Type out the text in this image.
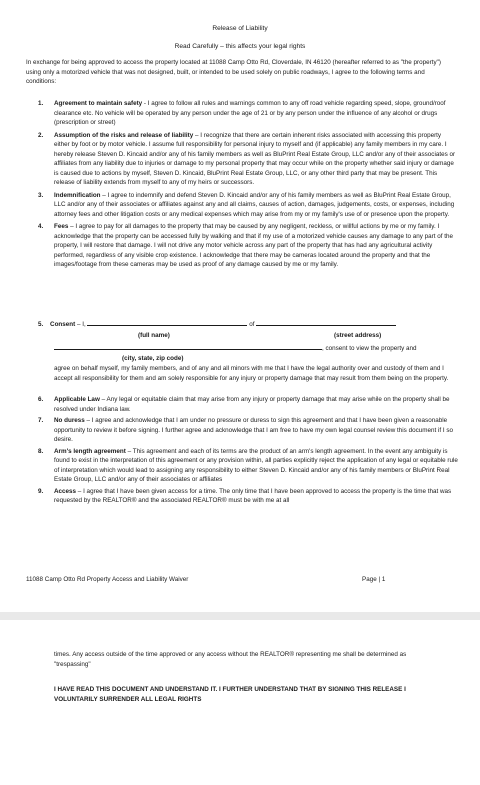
Release of Liability
Read Carefully – this affects your legal rights

In exchange for being approved to access the property located at 11088 Camp Otto Rd, Cloverdale, IN 46120 (hereafter referred to as "the property") using only a motorized vehicle that was not designed, built, or intended to be used solely on public roadways, I agree to the following terms and conditions:

1. Agreement to maintain safety - I agree to follow all rules and warnings common to any off road vehicle regarding speed, slope, ground/roof clearance etc. No vehicle will be operated by any person under the age of 21 or by any person under the influence of any alcohol or drugs (prescription or street)
2. Assumption of the risks and release of liability – I recognize that there are certain inherent risks associated with accessing this property either by foot or by motor vehicle. I assume full responsibility for personal injury to myself and (if applicable) any family members in my care. I hereby release Steven D. Kincaid and/or any of his family members as well as BluPrint Real Estate Group, LLC and/or any of their associates or affiliates from any liability due to injuries or damage to my personal property that may occur while on the property whether said injury or damage is caused due to actions by myself, Steven D. Kincaid, BluPrint Real Estate Group, LLC, or any other third party that may be present. This release of liability extends from myself to any of my heirs or successors.
3. Indemnification – I agree to indemnify and defend Steven D. Kincaid and/or any of his family members as well as BluPrint Real Estate Group, LLC and/or any of their associates or affiliates against any and all claims, causes of action, damages, judgements, costs, or expenses, including attorney fees and other litigation costs or any medical expenses which may arise from my or my family's use of or presence upon the property.
4. Fees – I agree to pay for all damages to the property that may be caused by any negligent, reckless, or willful actions by me or my family. I acknowledge that the property can be accessed fully by walking and that if my use of a motorized vehicle causes any damage to any part of the property, I will restore that damage. I will not drive any motor vehicle across any part of the property that has had any agricultural activity performed, regardless of any visible crop existence. I acknowledge that there may be cameras located around the property and that the images/footage from these cameras may be used as proof of any damage caused by me or my family.
5. Consent – I,	of
(full name)	(street address)
, consent to view the property and
(city, state, zip code)

agree on behalf myself, my family members, and of any and all minors with me that I have the legal authority over and custody of them and I accept all responsibility for them and am solely responsible for any injury or property damage that may result from them being on the property.

6. Applicable Law – Any legal or equitable claim that may arise from any injury or property damage that may arise while on the property shall be resolved under Indiana law.
7. No duress – I agree and acknowledge that I am under no pressure or duress to sign this agreement and that I have been given a reasonable opportunity to review it before signing. I further agree and acknowledge that I am free to have my own legal counsel review this document if I so desire.
8. Arm's length agreement – This agreement and each of its terms are the product of an arm's length agreement. In the event any ambiguity is found to exist in the interpretation of this agreement or any provision within, all parties explicitly reject the application of any legal or equitable rule of interpretation which would lead to assigning any responsibility to either Steven D. Kincaid and/or any of his family members or BluPrint Real Estate Group, LLC and/or any of their associates or affiliates
9. Access – I agree that I have been given access for a time. The only time that I have been approved to access the property is the time that was requested by the REALTOR® and the associated REALTOR® must be with me at all
11088 Camp Otto Rd Property Access and Liability Waiver	Page | 1

times. Any access outside of the time approved or any access without the REALTOR® representing me shall be determined as "trespassing"

I HAVE READ THIS DOCUMENT AND UNDERSTAND IT. I FURTHER UNDERSTAND THAT BY SIGNING THIS RELEASE I VOLUNTARILY SURRENDER ALL LEGAL RIGHTS
